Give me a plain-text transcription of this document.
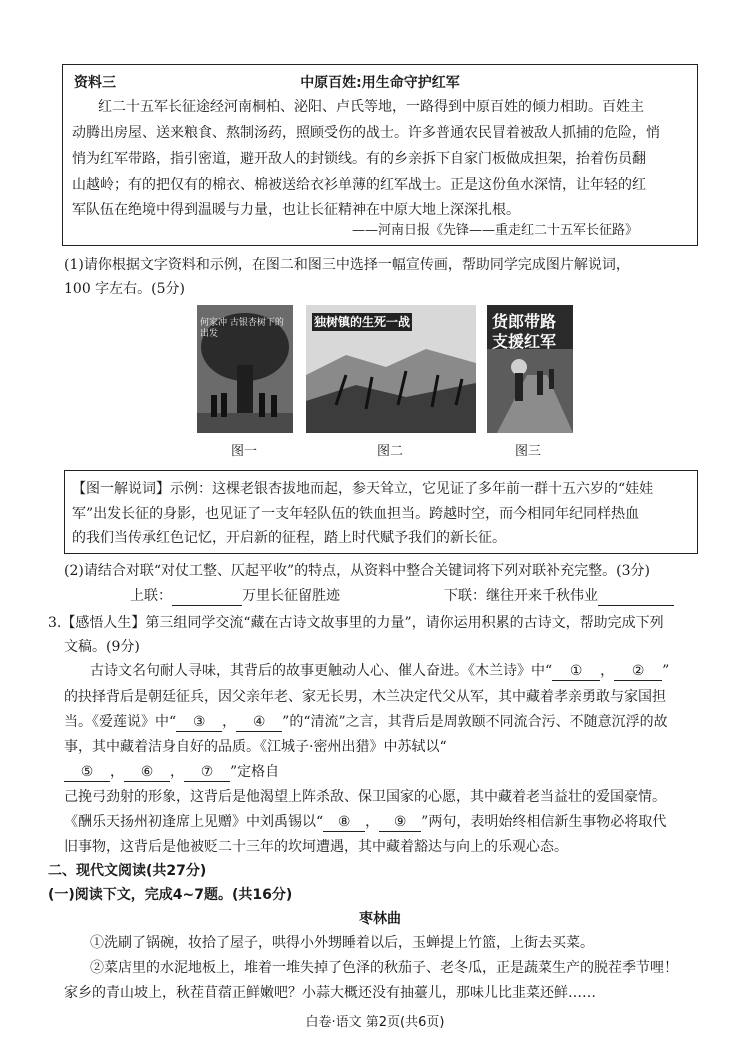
资料三	中原百姓:用生命守护红军
红二十五军长征途经河南桐柏、泌阳、卢氏等地，一路得到中原百姓的倾力相助。百姓主
动腾出房屋、送来粮食、熬制汤药，照顾受伤的战士。许多普通农民冒着被敌人抓捕的危险，悄
悄为红军带路，指引密道，避开敌人的封锁线。有的乡亲拆下自家门板做成担架，抬着伤员翻
山越岭；有的把仅有的棉衣、棉被送给衣衫单薄的红军战士。正是这份鱼水深情，让年轻的红
军队伍在绝境中得到温暖与力量，也让长征精神在中原大地上深深扎根。
——河南日报《先锋——重走红二十五军长征路》
(1)请你根据文字资料和示例，在图二和图三中选择一幅宣传画，帮助同学完成图片解说词，
100 字左右。(5分)
何家冲 古银杏树下的出发
独树镇的生死一战	货郎带路 支援红军
图一	图二	图三
【图一解说词】示例：这棵老银杏拔地而起，参天耸立，它见证了多年前一群十五六岁的“娃娃
军”出发长征的身影，也见证了一支年轻队伍的铁血担当。跨越时空，而今相同年纪同样热血
的我们当传承红色记忆，开启新的征程，踏上时代赋予我们的新长征。
(2)请结合对联“对仗工整、仄起平收”的特点，从资料中整合关键词将下列对联补充完整。(3分)
上联：	万里长征留胜迹	下联：继往开来千秋伟业
3.【感悟人生】第三组同学交流“藏在古诗文故事里的力量”，请你运用积累的古诗文，帮助完成下列
文稿。(9分)
古诗文名句耐人寻味，其背后的故事更触动人心、催人奋进。《木兰诗》中“ ① ， ② ”
的抉择背后是朝廷征兵，因父亲年老、家无长男，木兰决定代父从军，其中藏着孝亲勇敢与家国担
当。《爱莲说》中“ ③ ， ④ ”的“清流”之言，其背后是周敦颐不同流合污、不随意沉浮的故
事，其中藏着洁身自好的品质。《江城子·密州出猎》中苏轼以“
⑤ ， ⑥ ， ⑦ ”定格自
己挽弓劲射的形象，这背后是他渴望上阵杀敌、保卫国家的心愿，其中藏着老当益壮的爱国豪情。
《酬乐天扬州初逢席上见赠》中刘禹锡以“ ⑧ ， ⑨ ”两句，表明始终相信新生事物必将取代
旧事物，这背后是他被贬二十三年的坎坷遭遇，其中藏着豁达与向上的乐观心态。
二、现代文阅读(共27分)
(一)阅读下文，完成4~7题。(共16分)
枣林曲
①洗刷了锅碗，妆拾了屋子，哄得小外甥睡着以后，玉蝉提上竹篮，上街去买菜。
②菜店里的水泥地板上，堆着一堆失掉了色泽的秋茄子、老冬瓜，正是蔬菜生产的脱茬季节哩！
家乡的青山坡上，秋茬苜蓿正鲜嫩吧？小蒜大概还没有抽薹儿，那味儿比韭菜还鲜……
白卷·语文 第2页(共6页)
